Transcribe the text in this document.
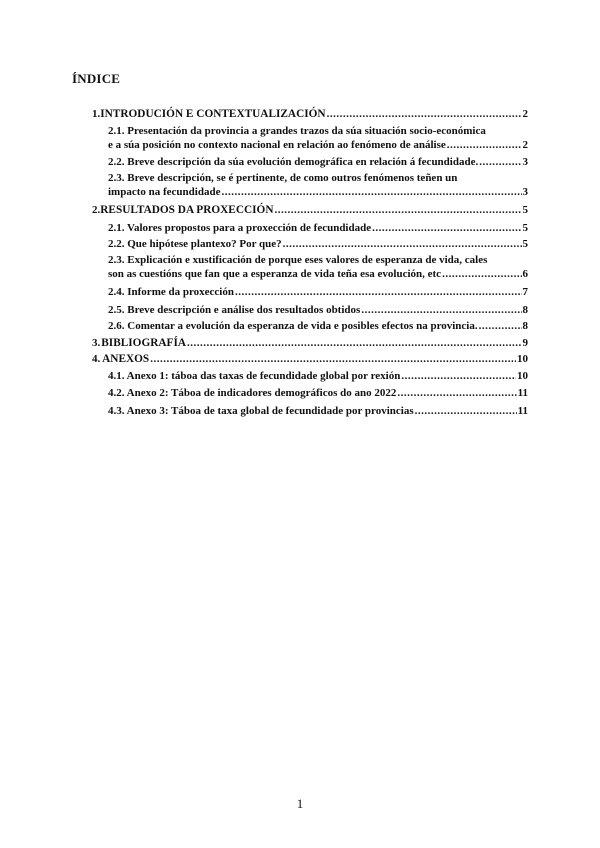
ÍNDICE
1. INTRODUCIÓN E CONTEXTUALIZACIÓN .....	2
2.1. Presentación da provincia a grandes trazos da súa situación socio-económica
e a súa posición no contexto nacional en relación ao fenómeno de análise .....	2
2.2. Breve descripción da súa evolución demográfica en relación á fecundidade. .....	3
2.3. Breve descripción, se é pertinente, de como outros fenómenos teñen un
impacto na fecundidade .....	3
2. RESULTADOS DA PROXECCIÓN .....	5
2.1. Valores propostos para a proxección de fecundidade .....	5
2.2. Que hipótese plantexo? Por que? .....	5
2.3. Explicación e xustificación de porque eses valores de esperanza de vida, cales
son as cuestións que fan que a esperanza de vida teña esa evolución, etc .....	6
2.4. Informe da proxección .....	7
2.5. Breve descripción e análise dos resultados obtidos .....	8
2.6. Comentar a evolución da esperanza de vida e posibles efectos na provincia. .....	8
3. BIBLIOGRAFÍA .....	9
4. ANEXOS .....	10
4.1. Anexo 1: táboa das taxas de fecundidade global por rexión .....	10
4.2. Anexo 2: Táboa de indicadores demográficos do ano 2022 .....	11
4.3. Anexo 3: Táboa de taxa global de fecundidade por provincias .....	11
1
